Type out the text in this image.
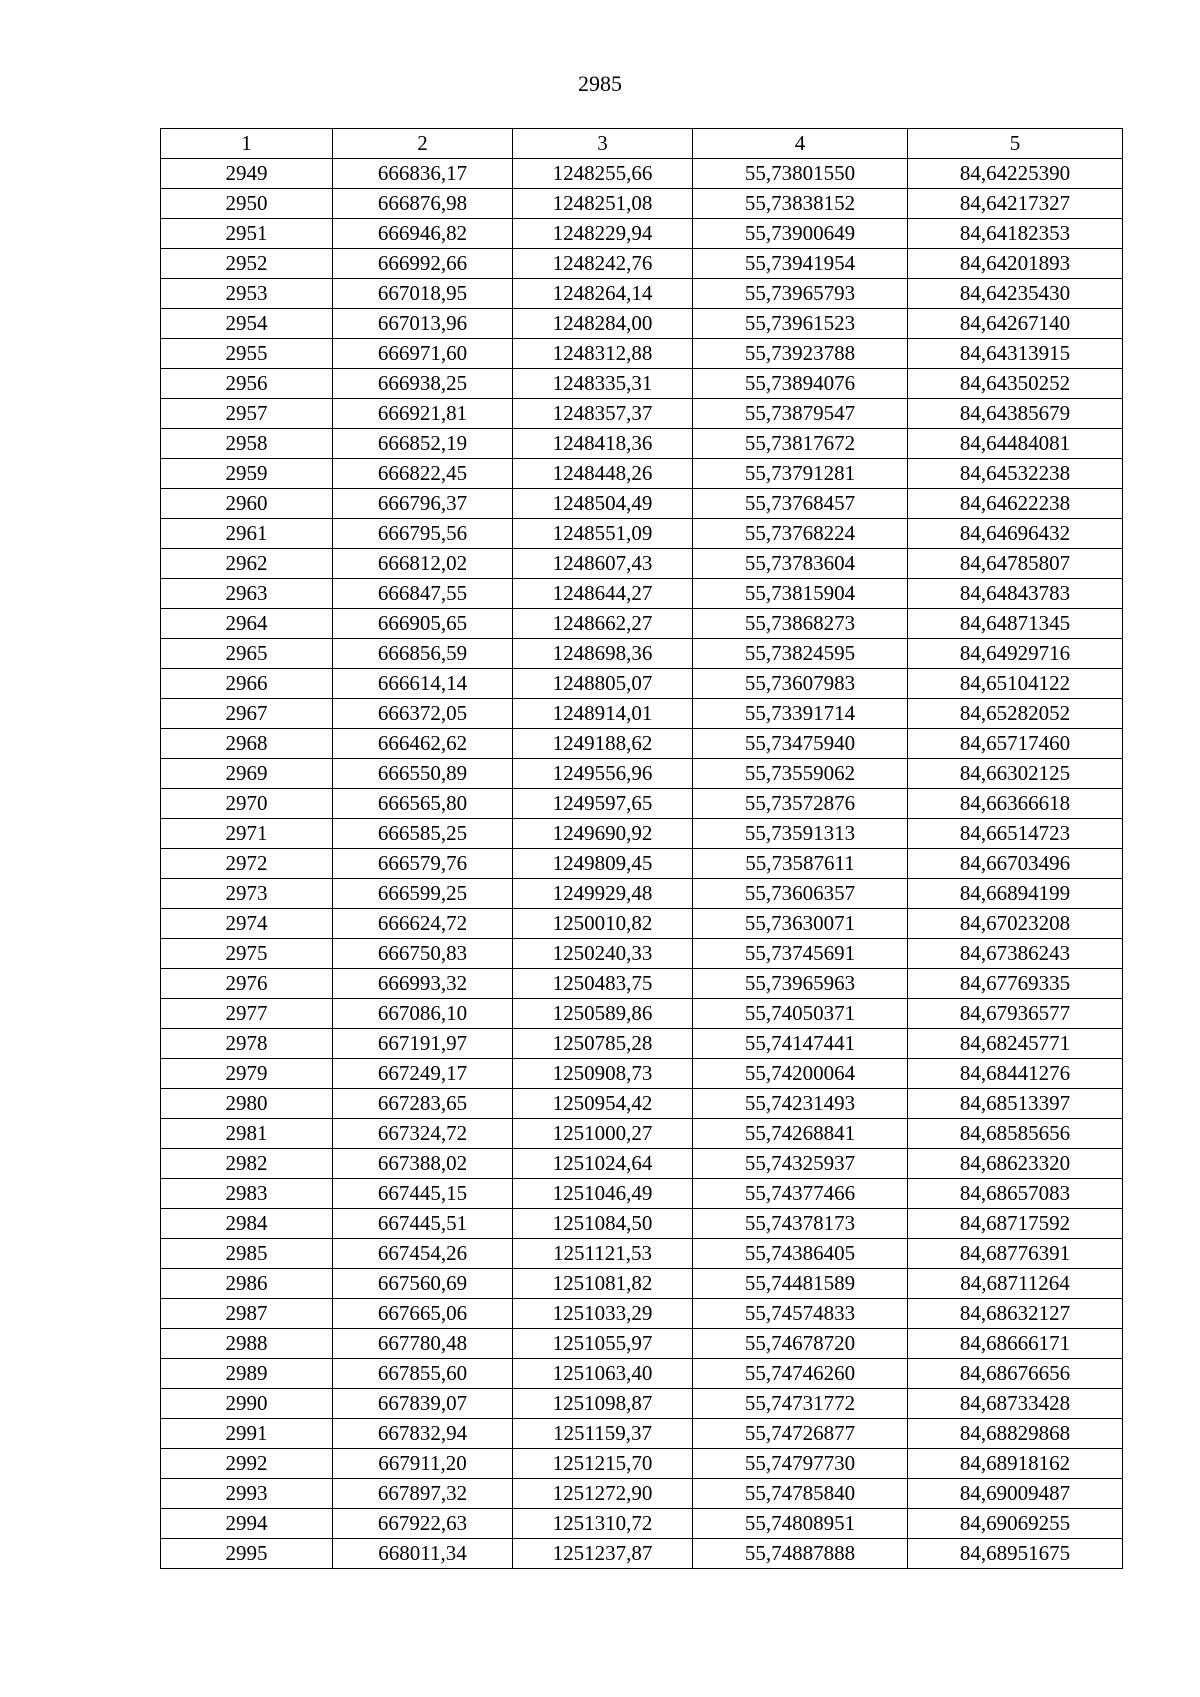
2985
1	2	3	4	5
2949	666836,17	1248255,66	55,73801550	84,64225390
2950	666876,98	1248251,08	55,73838152	84,64217327
2951	666946,82	1248229,94	55,73900649	84,64182353
2952	666992,66	1248242,76	55,73941954	84,64201893
2953	667018,95	1248264,14	55,73965793	84,64235430
2954	667013,96	1248284,00	55,73961523	84,64267140
2955	666971,60	1248312,88	55,73923788	84,64313915
2956	666938,25	1248335,31	55,73894076	84,64350252
2957	666921,81	1248357,37	55,73879547	84,64385679
2958	666852,19	1248418,36	55,73817672	84,64484081
2959	666822,45	1248448,26	55,73791281	84,64532238
2960	666796,37	1248504,49	55,73768457	84,64622238
2961	666795,56	1248551,09	55,73768224	84,64696432
2962	666812,02	1248607,43	55,73783604	84,64785807
2963	666847,55	1248644,27	55,73815904	84,64843783
2964	666905,65	1248662,27	55,73868273	84,64871345
2965	666856,59	1248698,36	55,73824595	84,64929716
2966	666614,14	1248805,07	55,73607983	84,65104122
2967	666372,05	1248914,01	55,73391714	84,65282052
2968	666462,62	1249188,62	55,73475940	84,65717460
2969	666550,89	1249556,96	55,73559062	84,66302125
2970	666565,80	1249597,65	55,73572876	84,66366618
2971	666585,25	1249690,92	55,73591313	84,66514723
2972	666579,76	1249809,45	55,73587611	84,66703496
2973	666599,25	1249929,48	55,73606357	84,66894199
2974	666624,72	1250010,82	55,73630071	84,67023208
2975	666750,83	1250240,33	55,73745691	84,67386243
2976	666993,32	1250483,75	55,73965963	84,67769335
2977	667086,10	1250589,86	55,74050371	84,67936577
2978	667191,97	1250785,28	55,74147441	84,68245771
2979	667249,17	1250908,73	55,74200064	84,68441276
2980	667283,65	1250954,42	55,74231493	84,68513397
2981	667324,72	1251000,27	55,74268841	84,68585656
2982	667388,02	1251024,64	55,74325937	84,68623320
2983	667445,15	1251046,49	55,74377466	84,68657083
2984	667445,51	1251084,50	55,74378173	84,68717592
2985	667454,26	1251121,53	55,74386405	84,68776391
2986	667560,69	1251081,82	55,74481589	84,68711264
2987	667665,06	1251033,29	55,74574833	84,68632127
2988	667780,48	1251055,97	55,74678720	84,68666171
2989	667855,60	1251063,40	55,74746260	84,68676656
2990	667839,07	1251098,87	55,74731772	84,68733428
2991	667832,94	1251159,37	55,74726877	84,68829868
2992	667911,20	1251215,70	55,74797730	84,68918162
2993	667897,32	1251272,90	55,74785840	84,69009487
2994	667922,63	1251310,72	55,74808951	84,69069255
2995	668011,34	1251237,87	55,74887888	84,68951675
